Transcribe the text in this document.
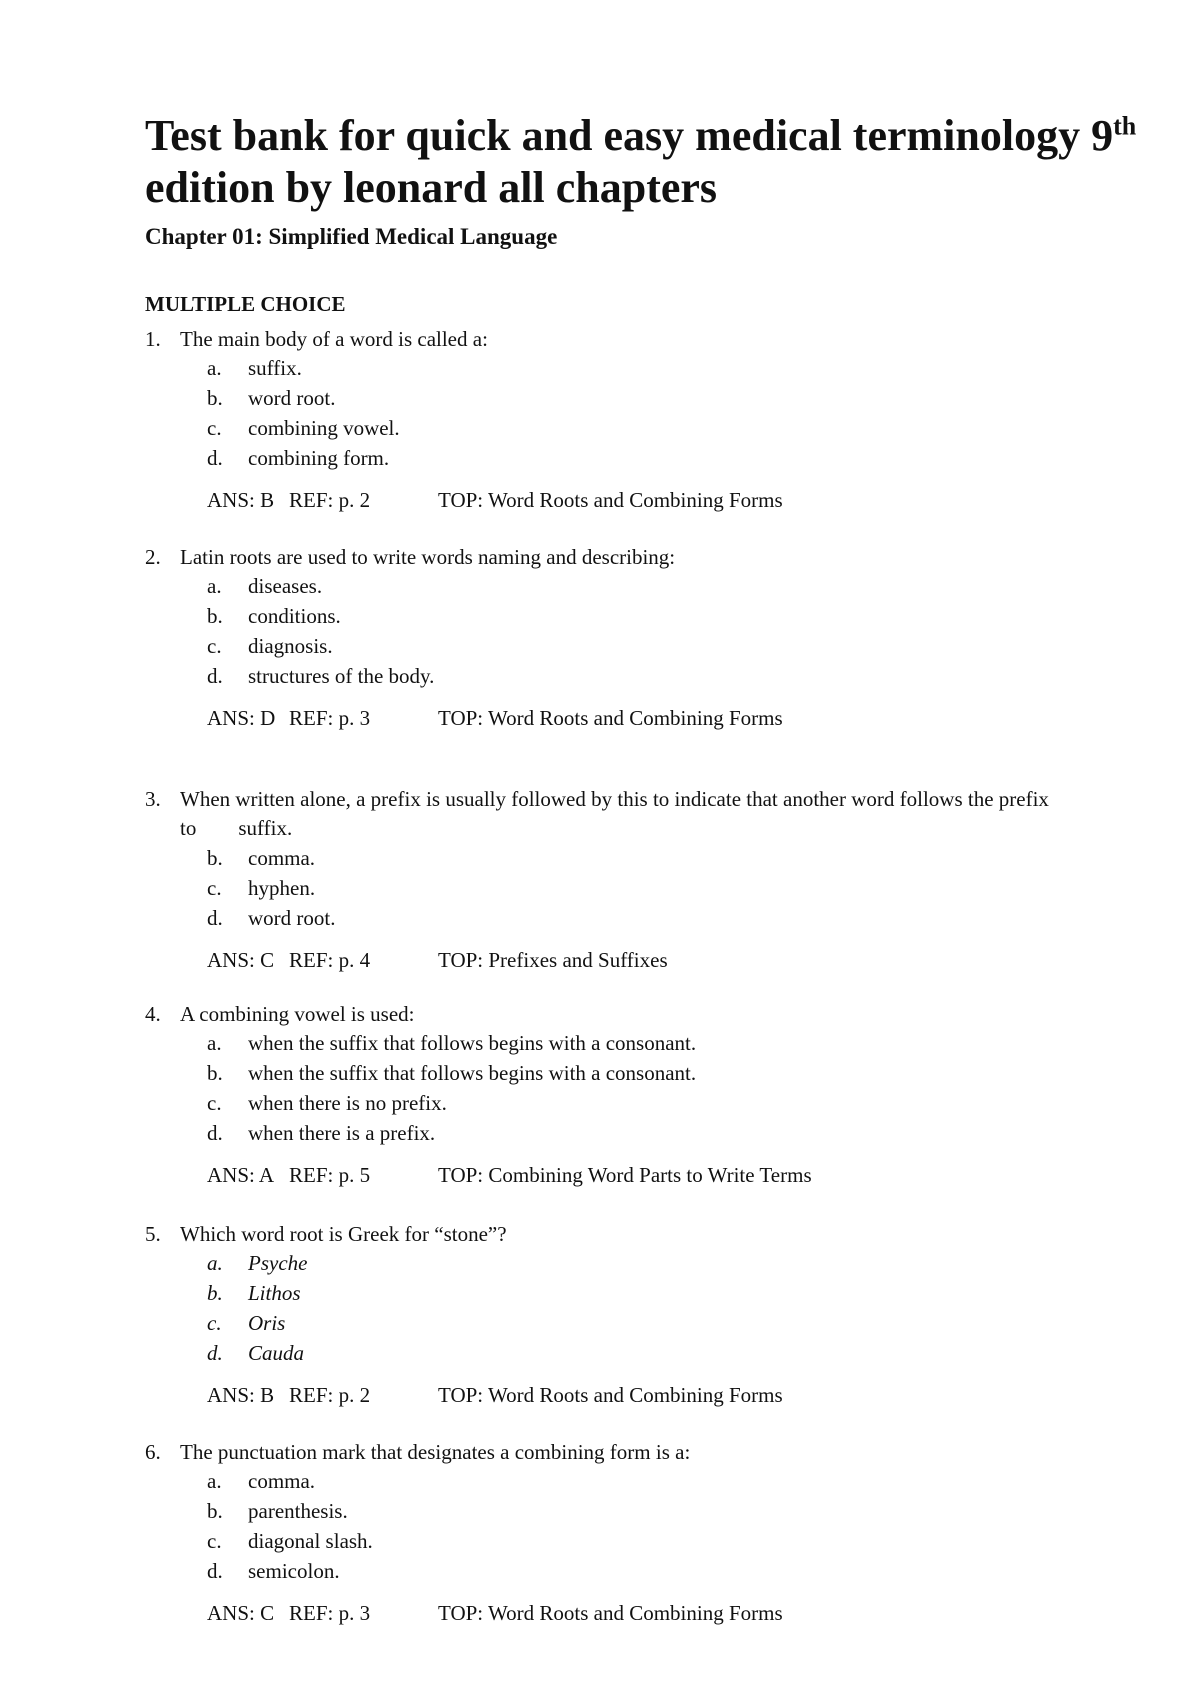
Test bank for quick and easy medical terminology 9th
edition by leonard all chapters
Chapter 01: Simplified Medical Language
MULTIPLE CHOICE
1. The main body of a word is called a:
a. suffix.
b. word root.
c. combining vowel.
d. combining form.
ANS: B REF: p. 2	TOP: Word Roots and Combining Forms
2. Latin roots are used to write words naming and describing:
a. diseases.
b. conditions.
c. diagnosis.
d. structures of the body.
ANS: D REF: p. 3	TOP: Word Roots and Combining Forms
3. When written alone, a prefix is usually followed by this to indicate that another word follows the prefix
to suffix.
b. comma.
c. hyphen.
d. word root.
ANS: C REF: p. 4	TOP: Prefixes and Suffixes
4. A combining vowel is used:
a. when the suffix that follows begins with a consonant.
b. when the suffix that follows begins with a consonant.
c. when there is no prefix.
d. when there is a prefix.
ANS: A REF: p. 5	TOP: Combining Word Parts to Write Terms
5. Which word root is Greek for “stone”?
a. Psyche
b. Lithos
c. Oris
d. Cauda
ANS: B REF: p. 2	TOP: Word Roots and Combining Forms
6. The punctuation mark that designates a combining form is a:
a. comma.
b. parenthesis.
c. diagonal slash.
d. semicolon.
ANS: C REF: p. 3	TOP: Word Roots and Combining Forms
